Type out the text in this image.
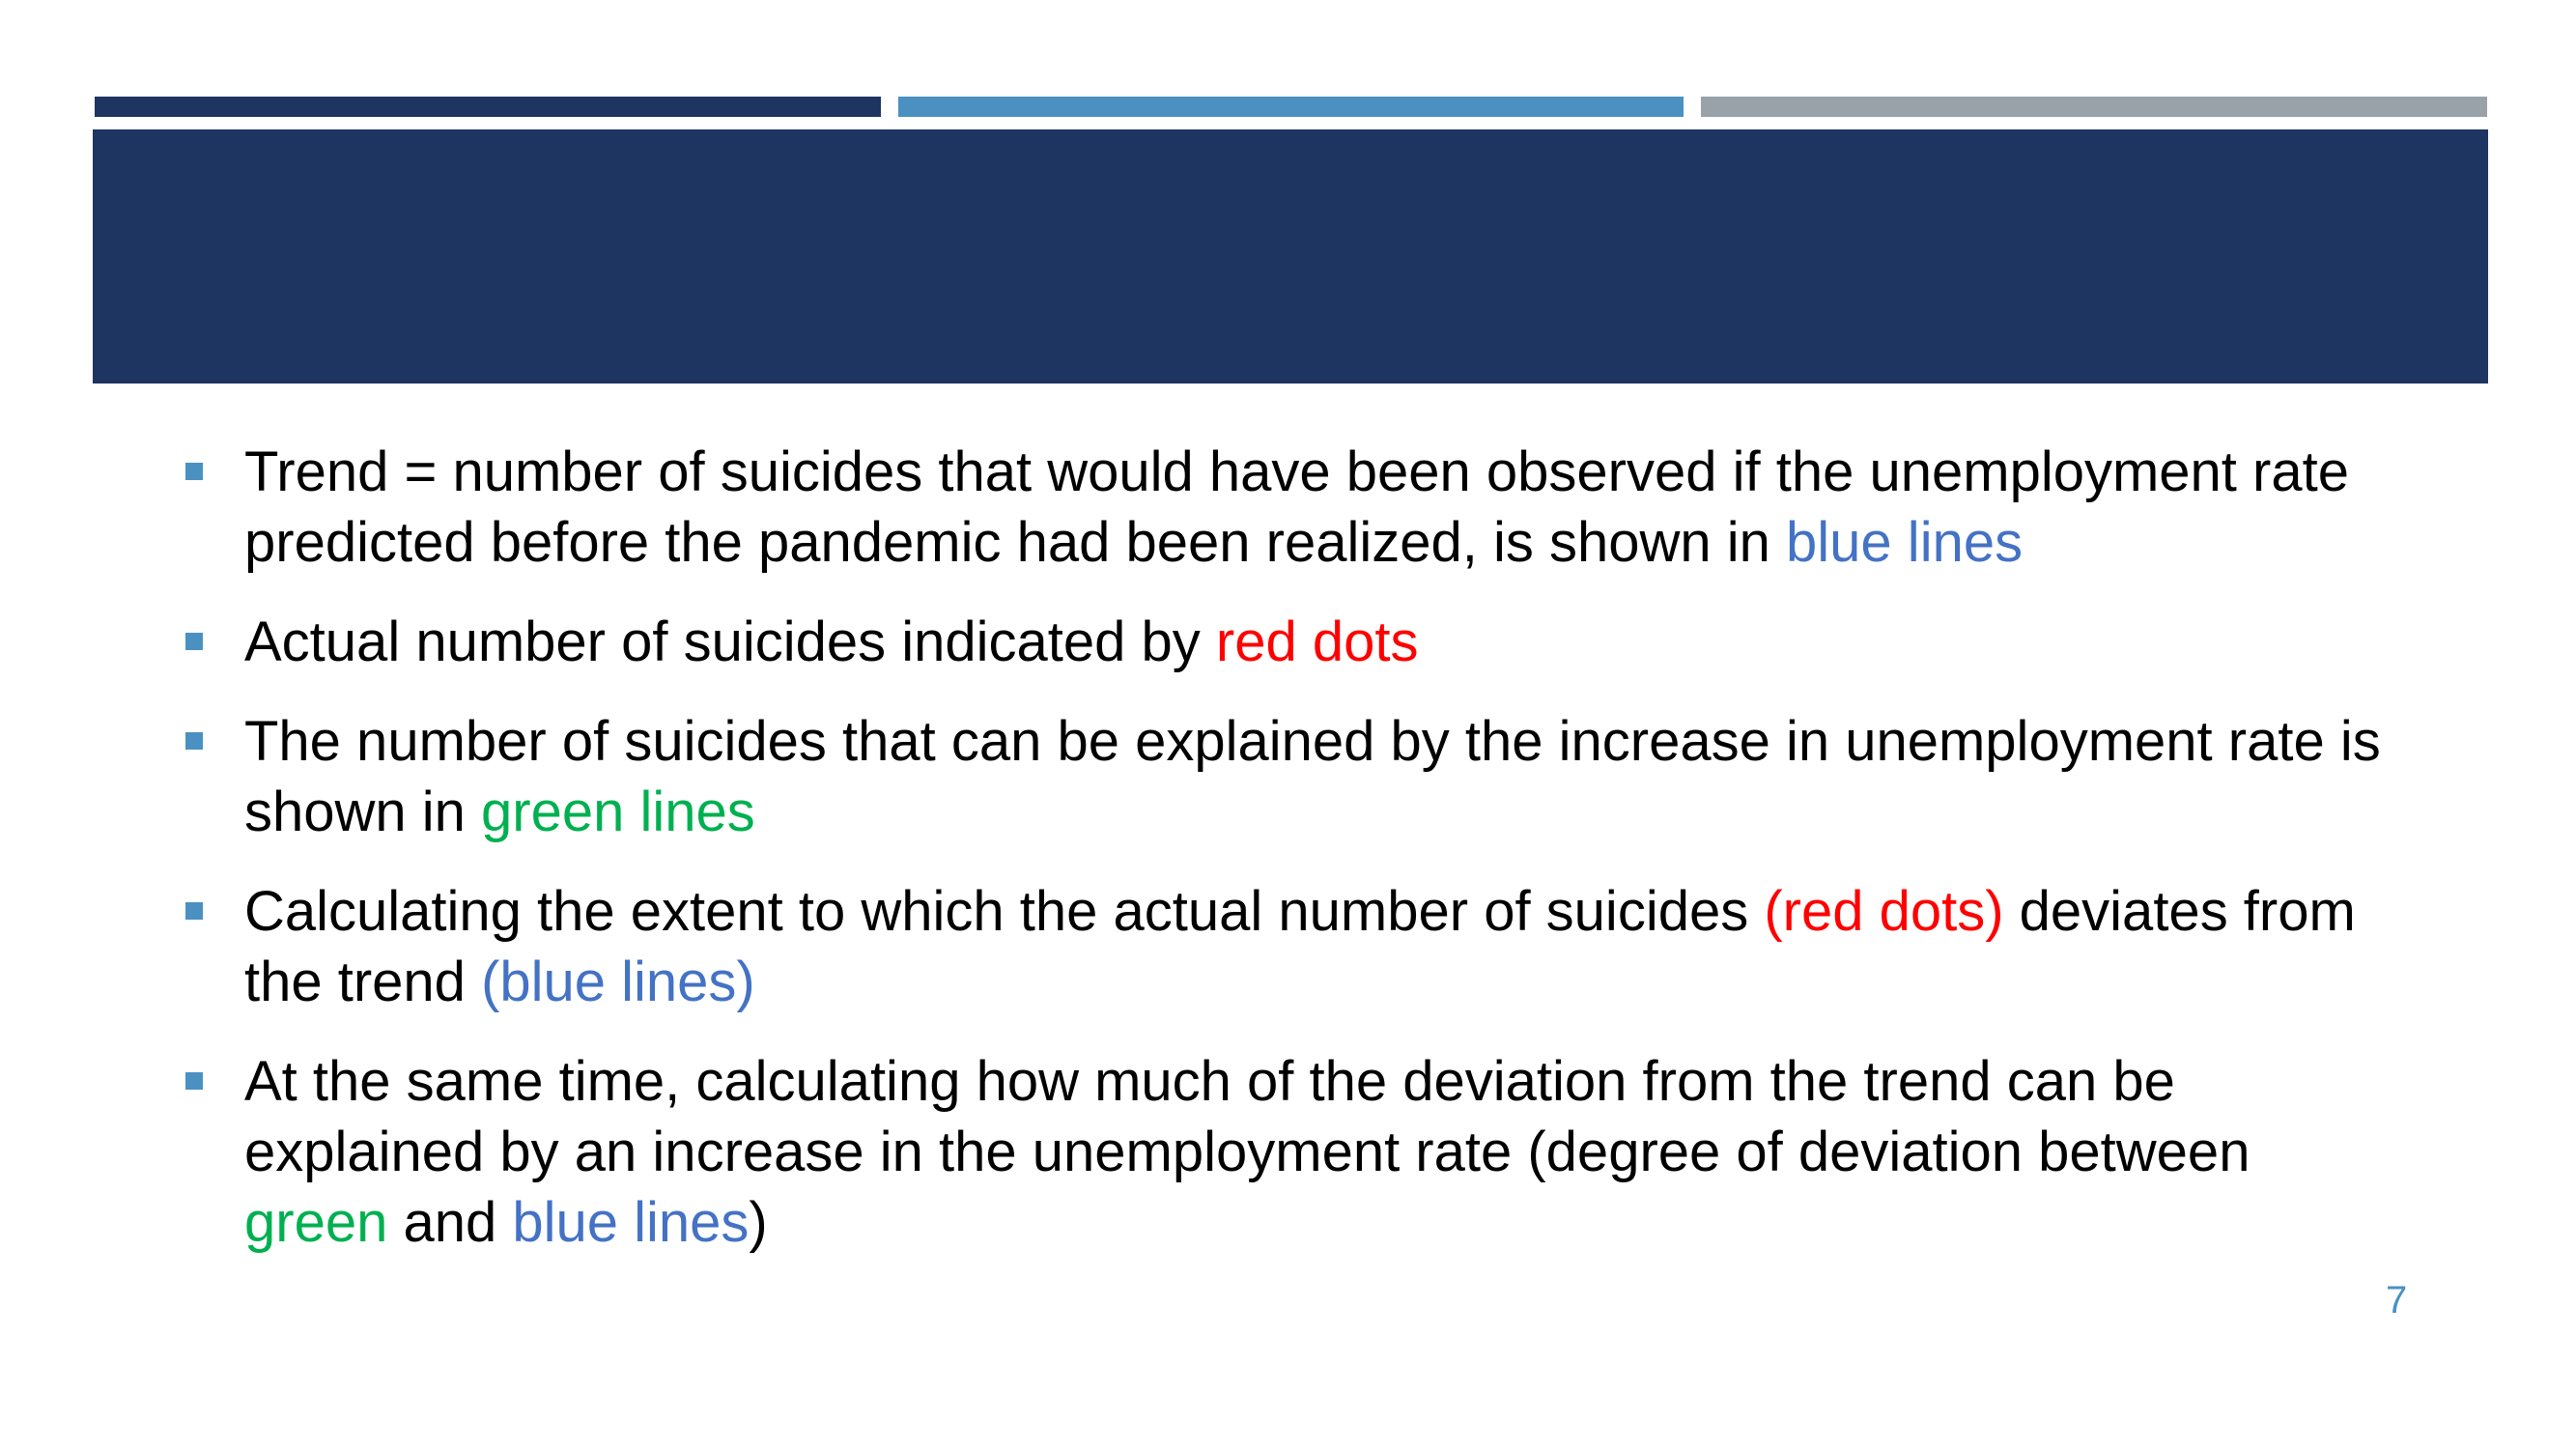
Trend = number of suicides that would have been observed if the unemployment rate predicted before the pandemic had been realized, is shown in blue lines
Actual number of suicides indicated by red dots
The number of suicides that can be explained by the increase in unemployment rate is shown in green lines
Calculating the extent to which the actual number of suicides (red dots) deviates from the trend (blue lines)
At the same time, calculating how much of the deviation from the trend can be explained by an increase in the unemployment rate (degree of deviation between green and blue lines)
7
